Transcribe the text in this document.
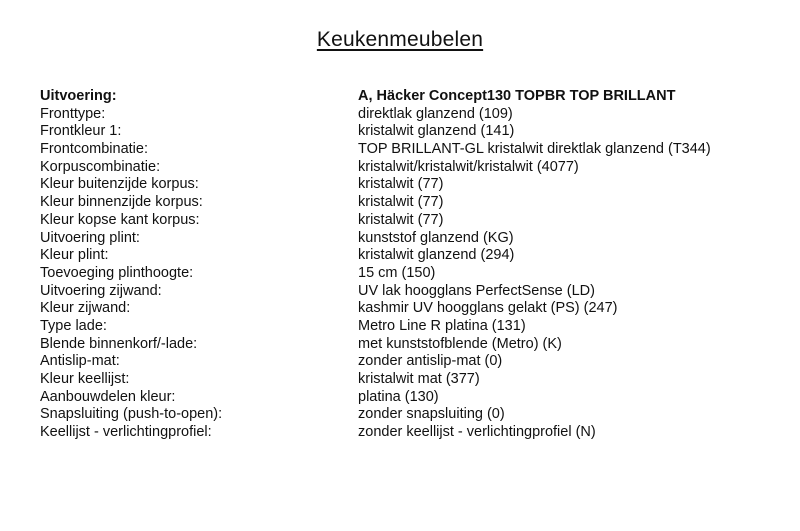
Keukenmeubelen
Uitvoering:	A, Häcker Concept130 TOPBR TOP BRILLANT
Fronttype:	direktlak glanzend (109)
Frontkleur 1:	kristalwit glanzend (141)
Frontcombinatie:	TOP BRILLANT-GL kristalwit direktlak glanzend (T344)
Korpuscombinatie:	kristalwit/kristalwit/kristalwit (4077)
Kleur buitenzijde korpus:	kristalwit (77)
Kleur binnenzijde korpus:	kristalwit (77)
Kleur kopse kant korpus:	kristalwit (77)
Uitvoering plint:	kunststof glanzend (KG)
Kleur plint:	kristalwit glanzend (294)
Toevoeging plinthoogte:	15 cm (150)
Uitvoering zijwand:	UV lak hoogglans PerfectSense (LD)
Kleur zijwand:	kashmir UV hoogglans gelakt (PS) (247)
Type lade:	Metro Line R platina (131)
Blende binnenkorf/-lade:	met kunststofblende (Metro) (K)
Antislip-mat:	zonder antislip-mat (0)
Kleur keellijst:	kristalwit mat (377)
Aanbouwdelen kleur:	platina (130)
Snapsluiting (push-to-open):	zonder snapsluiting (0)
Keellijst - verlichtingprofiel:	zonder keellijst - verlichtingprofiel (N)
